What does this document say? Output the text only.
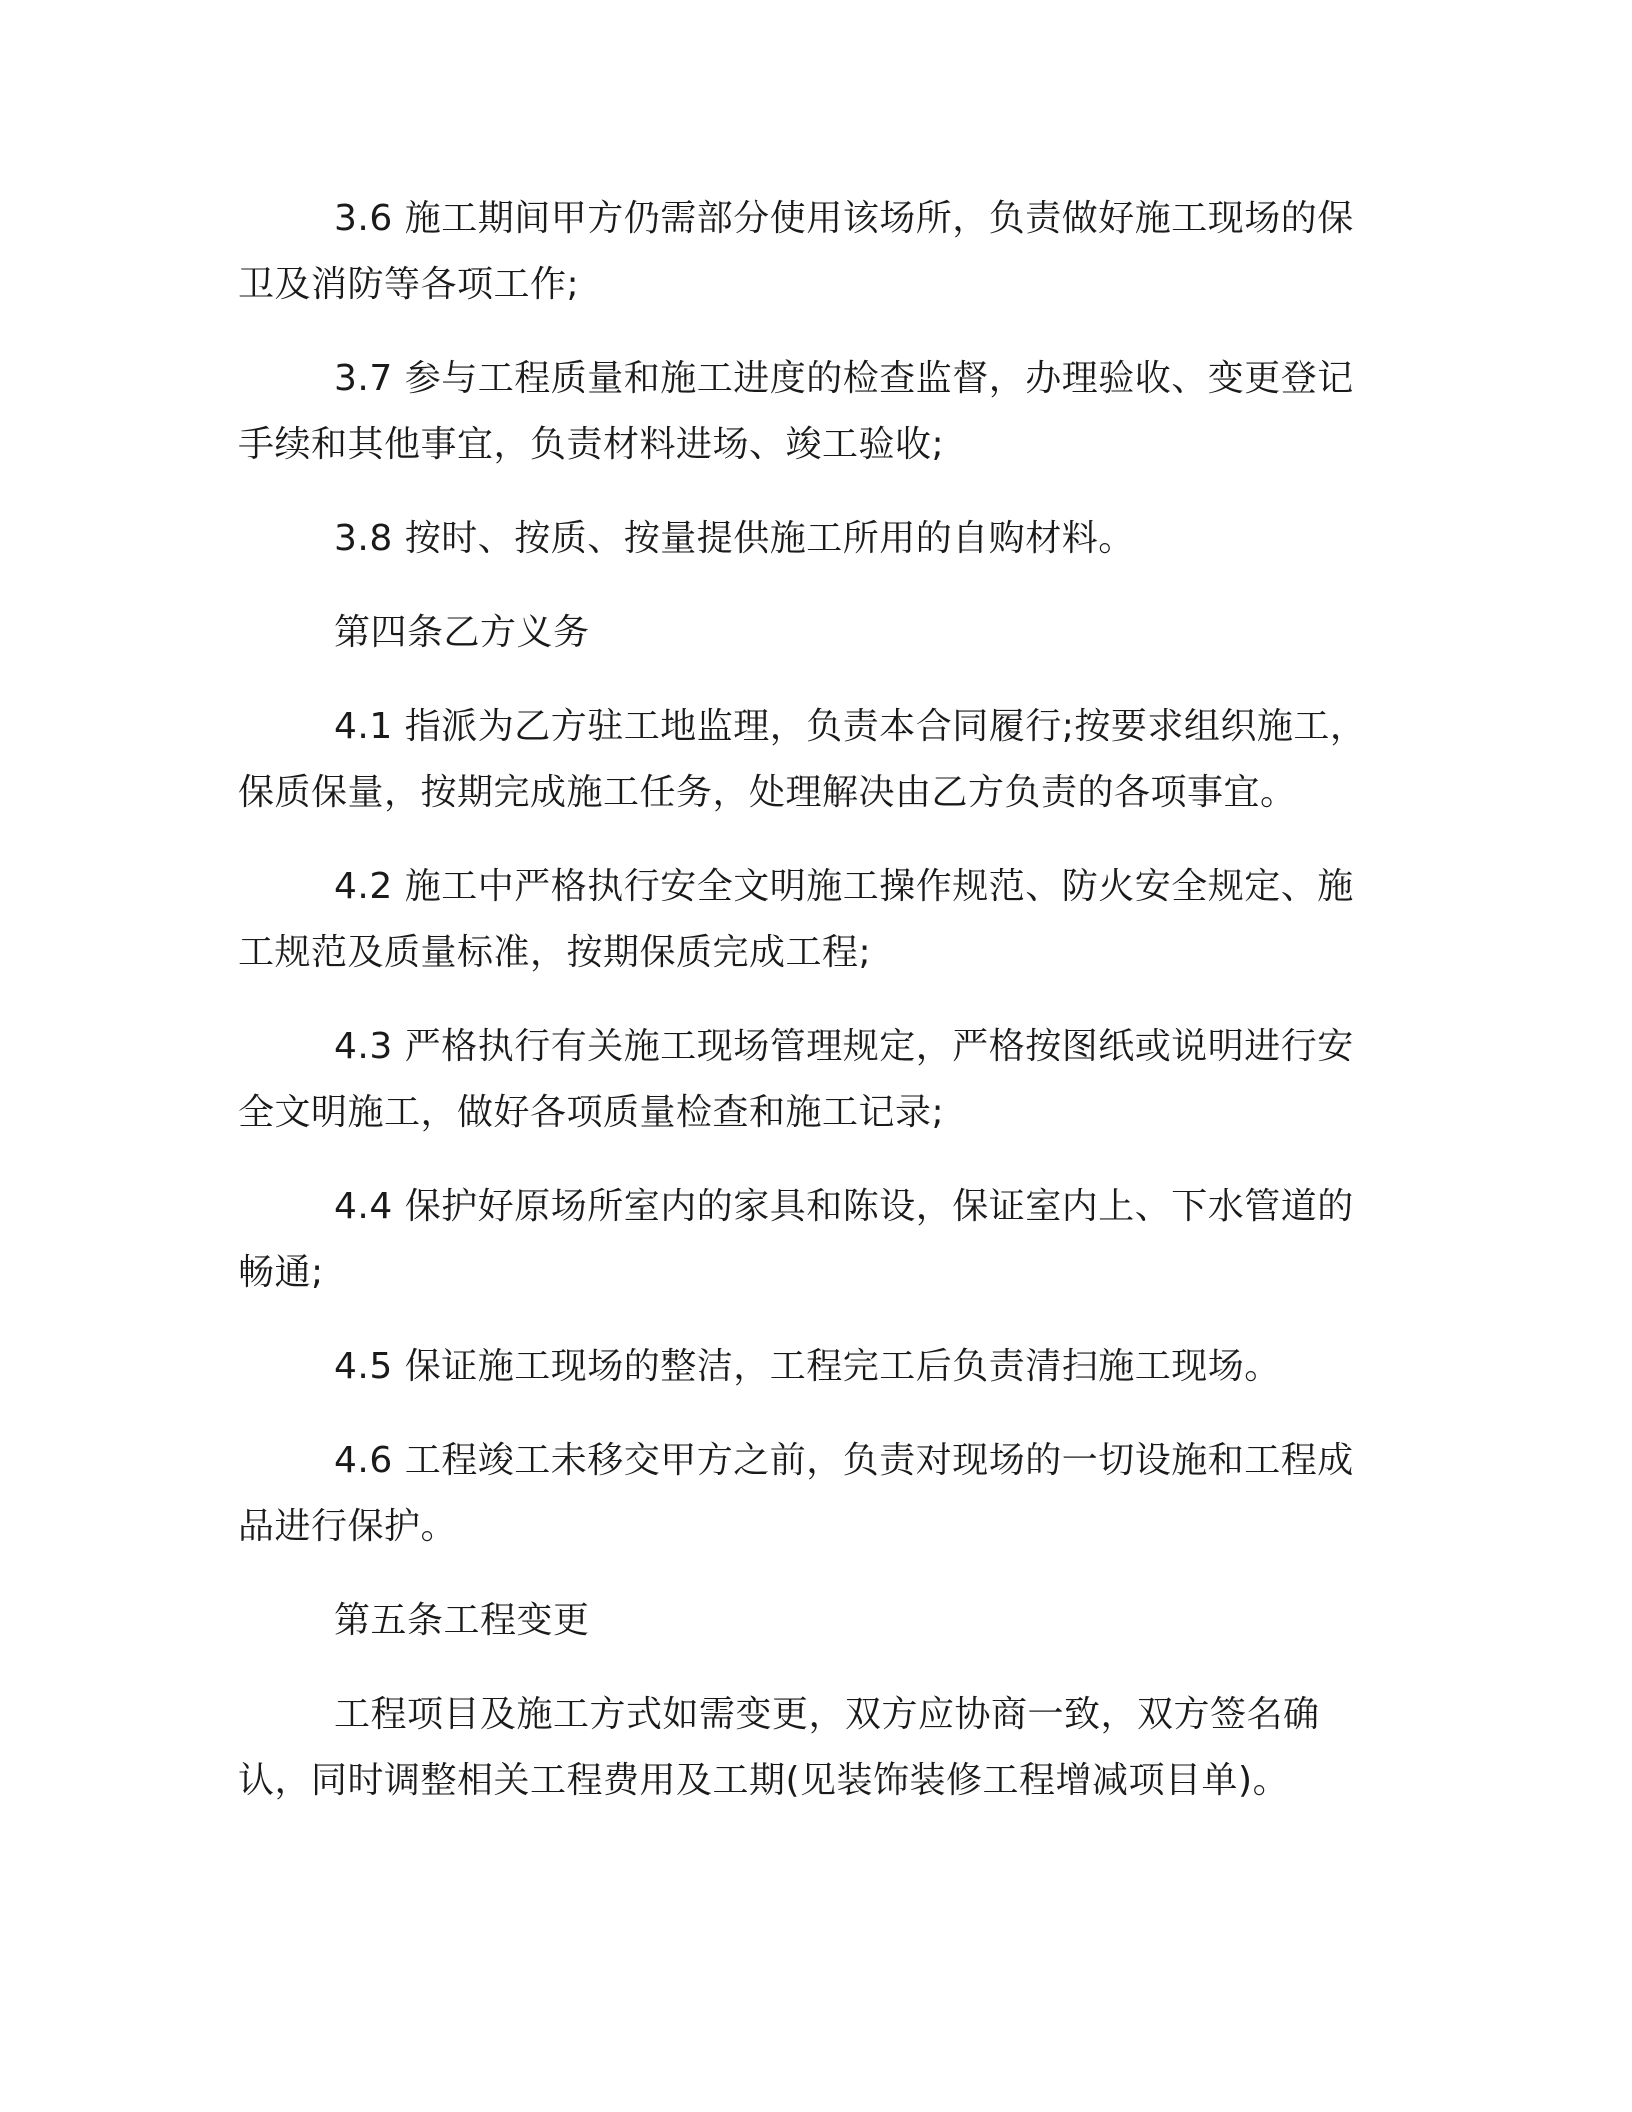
3.6 施工期间甲方仍需部分使用该场所，负责做好施工现场的保卫及消防等各项工作;

3.7 参与工程质量和施工进度的检查监督，办理验收、变更登记手续和其他事宜，负责材料进场、竣工验收;

3.8 按时、按质、按量提供施工所用的自购材料。

第四条乙方义务

4.1 指派为乙方驻工地监理，负责本合同履行;按要求组织施工，保质保量，按期完成施工任务，处理解决由乙方负责的各项事宜。

4.2 施工中严格执行安全文明施工操作规范、防火安全规定、施工规范及质量标准，按期保质完成工程;

4.3 严格执行有关施工现场管理规定，严格按图纸或说明进行安全文明施工，做好各项质量检查和施工记录;

4.4 保护好原场所室内的家具和陈设，保证室内上、下水管道的畅通;

4.5 保证施工现场的整洁，工程完工后负责清扫施工现场。

4.6 工程竣工未移交甲方之前，负责对现场的一切设施和工程成品进行保护。

第五条工程变更

工程项目及施工方式如需变更，双方应协商一致，双方签名确认，同时调整相关工程费用及工期(见装饰装修工程增减项目单)。
